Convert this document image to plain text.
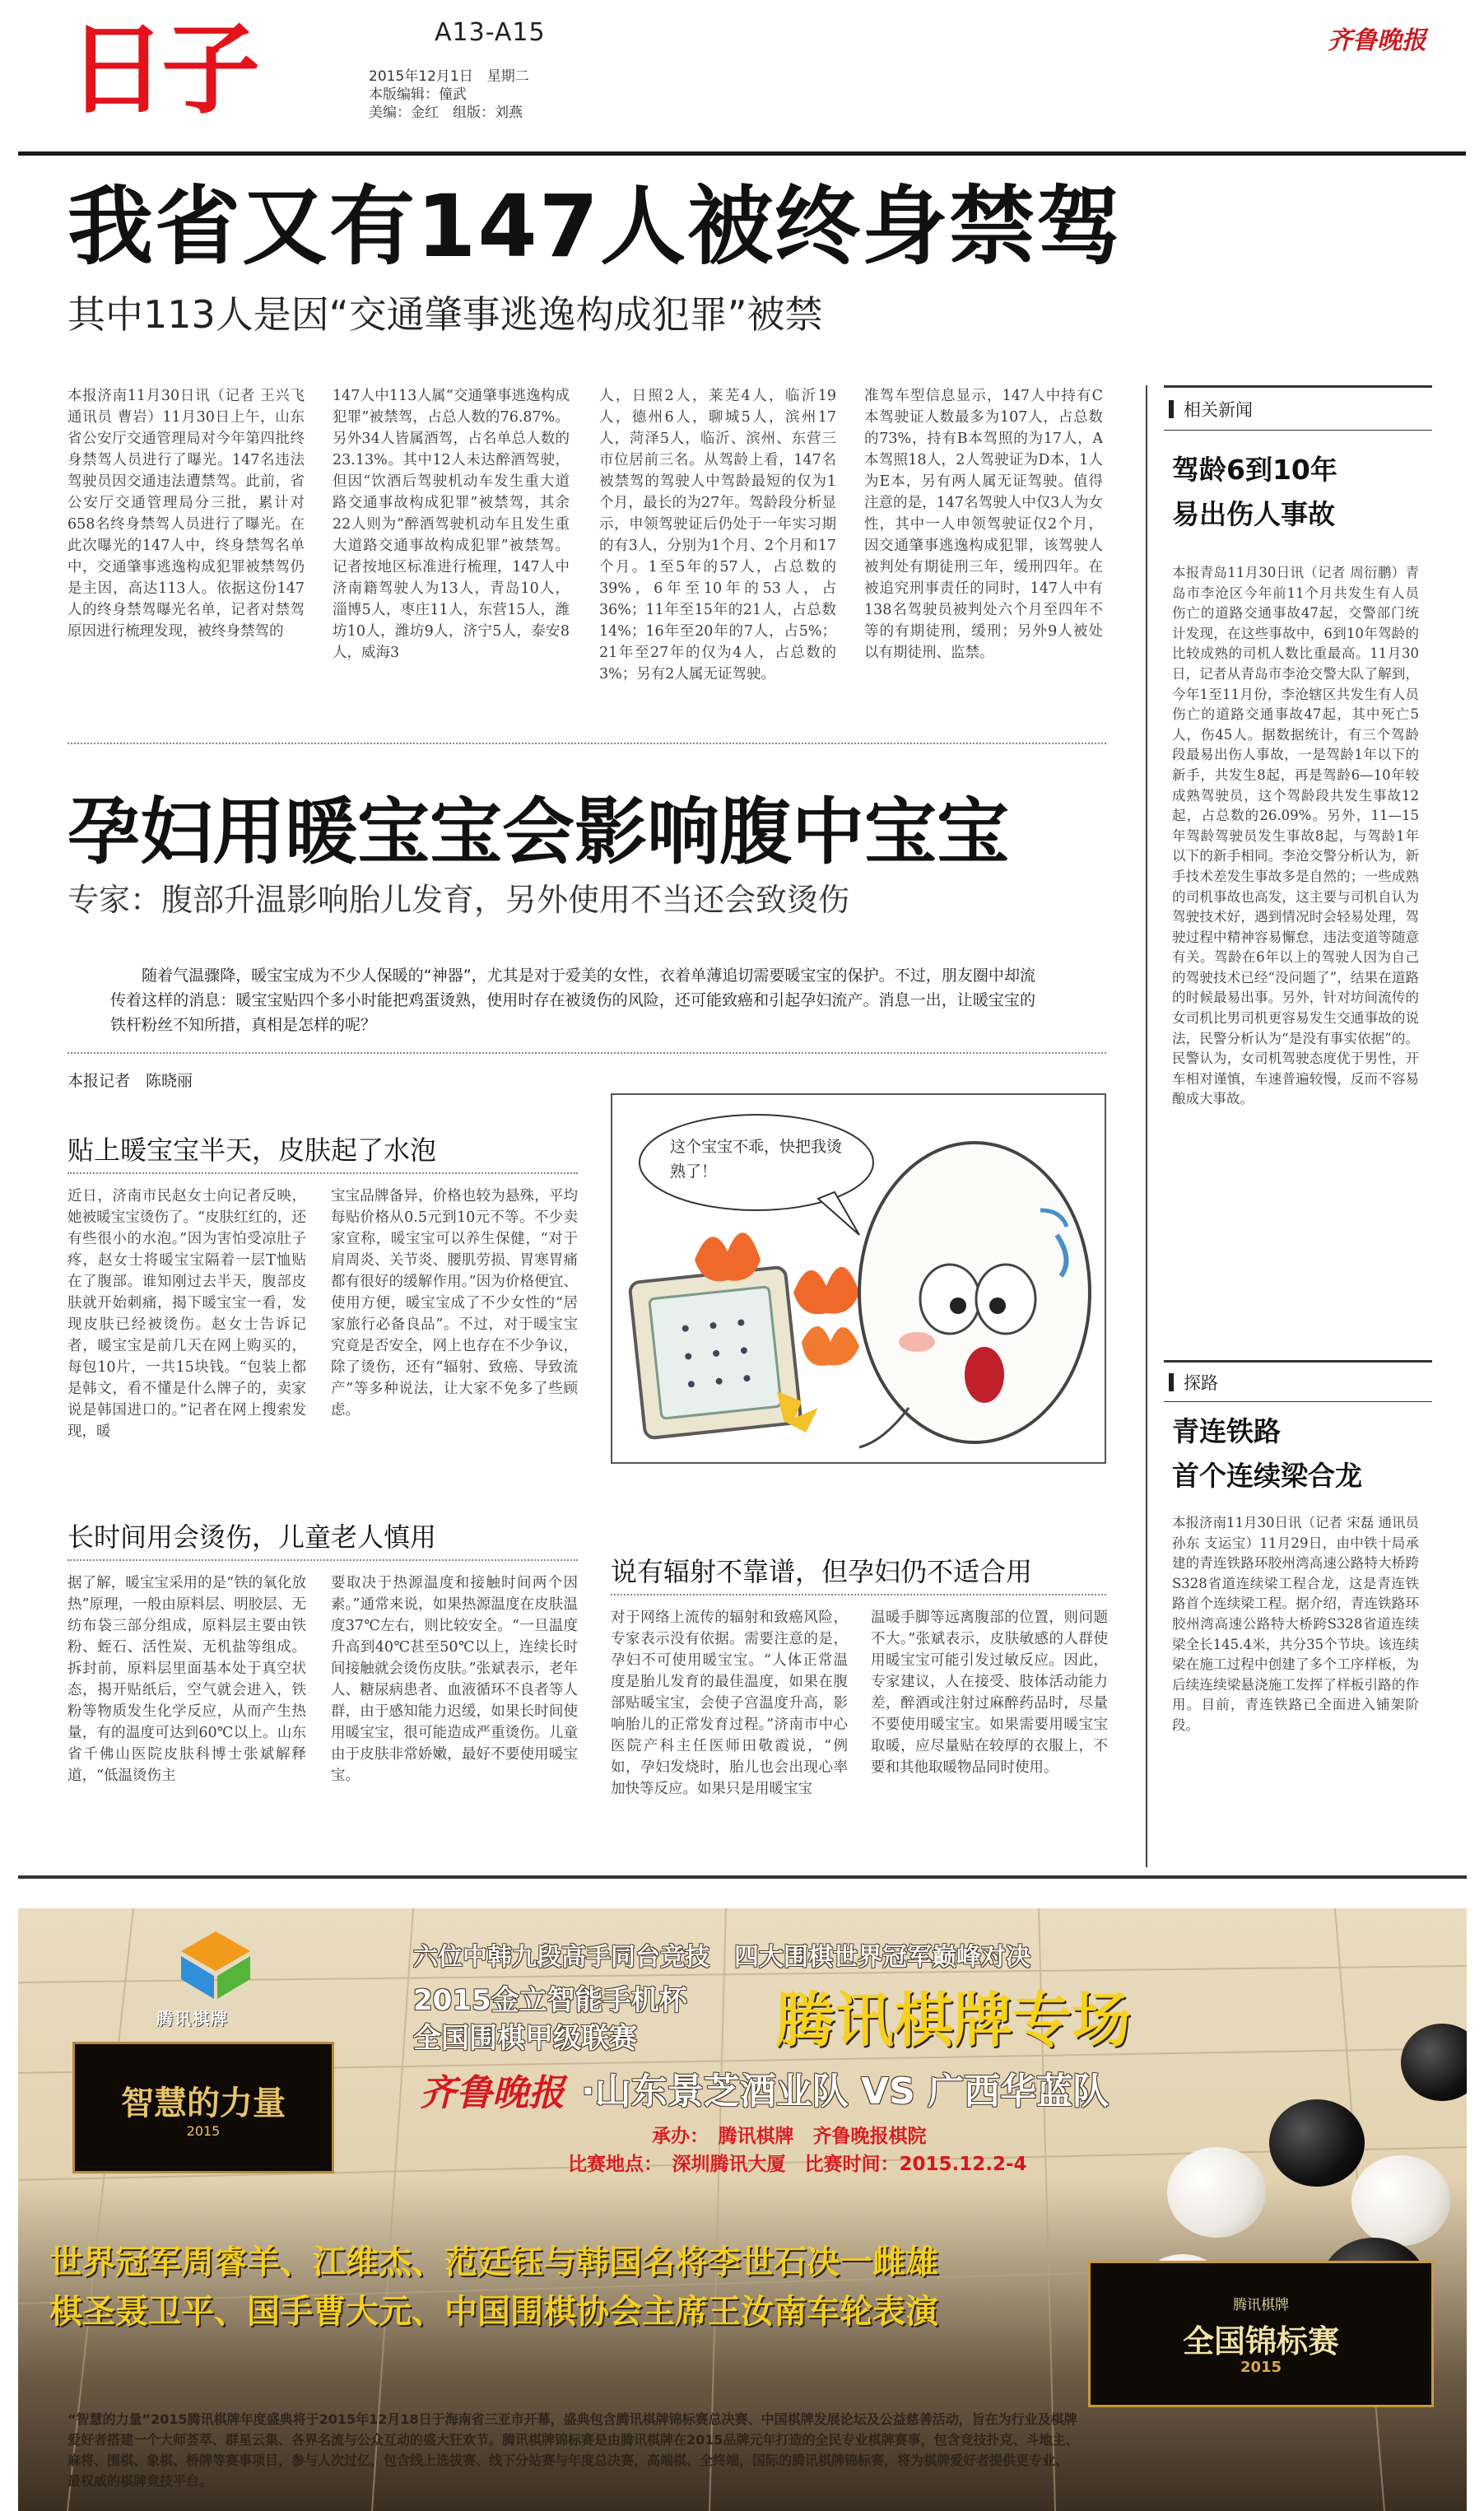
日子	A13-A15
2015年12月1日　星期二
本版编辑：僮武
美编：金红　组版：刘燕
齐鲁晚报
我省又有147人被终身禁驾
其中113人是因“交通肇事逃逸构成犯罪”被禁
本报济南11月30日讯（记者 王兴飞 通讯员 曹岩）11月30日上午，山东省公安厅交通管理局对今年第四批终身禁驾人员进行了曝光。147名违法驾驶员因交通违法遭禁驾。此前，省公安厅交通管理局分三批，累计对658名终身禁驾人员进行了曝光。在此次曝光的147人中，终身禁驾名单中，交通肇事逃逸构成犯罪被禁驾仍是主因，高达113人。依据这份147人的终身禁驾曝光名单，记者对禁驾原因进行梳理发现，被终身禁驾的
147人中113人属“交通肇事逃逸构成犯罪”被禁驾，占总人数的76.87%。另外34人皆属酒驾，占名单总人数的23.13%。其中12人未达醉酒驾驶，但因“饮酒后驾驶机动车发生重大道路交通事故构成犯罪”被禁驾，其余22人则为“醉酒驾驶机动车且发生重大道路交通事故构成犯罪”被禁驾。记者按地区标准进行梳理，147人中济南籍驾驶人为13人，青岛10人，淄博5人，枣庄11人，东营15人，潍坊10人，潍坊9人，济宁5人，泰安8人，威海3
人，日照2人，莱芜4人，临沂19人，德州6人，聊城5人，滨州17人，菏泽5人，临沂、滨州、东营三市位居前三名。从驾龄上看，147名被禁驾的驾驶人中驾龄最短的仅为1个月，最长的为27年。驾龄段分析显示，申领驾驶证后仍处于一年实习期的有3人，分别为1个月、2个月和17个月。1至5年的57人，占总数的39%，6年至10年的53人，占36%；11年至15年的21人，占总数14%；16年至20年的7人，占5%；21年至27年的仅为4人，占总数的3%；另有2人属无证驾驶。
准驾车型信息显示，147人中持有C本驾驶证人数最多为107人，占总数的73%，持有B本驾照的为17人，A本驾照18人，2人驾驶证为D本，1人为E本，另有两人属无证驾驶。值得注意的是，147名驾驶人中仅3人为女性，其中一人申领驾驶证仅2个月，因交通肇事逃逸构成犯罪，该驾驶人被判处有期徒刑三年，缓刑四年。在被追究刑事责任的同时，147人中有138名驾驶员被判处六个月至四年不等的有期徒刑，缓刑；另外9人被处以有期徒刑、监禁。
孕妇用暖宝宝会影响腹中宝宝
专家：腹部升温影响胎儿发育，另外使用不当还会致烫伤
随着气温骤降，暖宝宝成为不少人保暖的“神器”，尤其是对于爱美的女性，衣着单薄追切需要暖宝宝的保护。不过，朋友圈中却流传着这样的消息：暖宝宝贴四个多小时能把鸡蛋烫熟，使用时存在被烫伤的风险，还可能致癌和引起孕妇流产。消息一出，让暖宝宝的铁杆粉丝不知所措，真相是怎样的呢？
本报记者　陈晓丽
贴上暖宝宝半天，皮肤起了水泡
近日，济南市民赵女士向记者反映，她被暖宝宝烫伤了。“皮肤红红的，还有些很小的水泡。”因为害怕受凉肚子疼，赵女士将暖宝宝隔着一层T恤贴在了腹部。谁知刚过去半天，腹部皮肤就开始刺痛，揭下暖宝宝一看，发现皮肤已经被烫伤。赵女士告诉记者，暖宝宝是前几天在网上购买的，每包10片，一共15块钱。“包装上都是韩文，看不懂是什么牌子的，卖家说是韩国进口的。”记者在网上搜索发现，暖
宝宝品牌备异，价格也较为悬殊，平均每贴价格从0.5元到10元不等。不少卖家宣称，暖宝宝可以养生保健，“对于肩周炎、关节炎、腰肌劳损、胃寒胃痛都有很好的缓解作用。”因为价格便宜、使用方便，暖宝宝成了不少女性的“居家旅行必备良品”。不过，对于暖宝宝究竟是否安全，网上也存在不少争议，除了烫伤，还有“辐射、致癌、导致流产”等多种说法，让大家不免多了些顾虑。
这个宝宝不乖，快把我烫熟了！
长时间用会烫伤，儿童老人慎用
据了解，暖宝宝采用的是“铁的氧化放热”原理，一般由原料层、明胶层、无纺布袋三部分组成，原料层主要由铁粉、蛭石、活性炭、无机盐等组成。拆封前，原料层里面基本处于真空状态，揭开贴纸后，空气就会进入，铁粉等物质发生化学反应，从而产生热量，有的温度可达到60℃以上。山东省千佛山医院皮肤科博士张斌解释道，“低温烫伤主
要取决于热源温度和接触时间两个因素。”通常来说，如果热源温度在皮肤温度37℃左右，则比较安全。“一旦温度升高到40℃甚至50℃以上，连续长时间接触就会烫伤皮肤。”张斌表示，老年人、糖尿病患者、血液循环不良者等人群，由于感知能力迟缓，如果长时间使用暖宝宝，很可能造成严重烫伤。儿童由于皮肤非常娇嫩，最好不要使用暖宝宝。
说有辐射不靠谱，但孕妇仍不适合用
对于网络上流传的辐射和致癌风险，专家表示没有依据。需要注意的是，孕妇不可使用暖宝宝。“人体正常温度是胎儿发育的最佳温度，如果在腹部贴暖宝宝，会使子宫温度升高，影响胎儿的正常发育过程。”济南市中心医院产科主任医师田敬霞说，“例如，孕妇发烧时，胎儿也会出现心率加快等反应。如果只是用暖宝宝
温暖手脚等远离腹部的位置，则问题不大。”张斌表示，皮肤敏感的人群使用暖宝宝可能引发过敏反应。因此，专家建议，人在接受、肢体活动能力差，醉酒或注射过麻醉药品时，尽量不要使用暖宝宝。如果需要用暖宝宝取暖，应尽量贴在较厚的衣服上，不要和其他取暖物品同时使用。
相关新闻
驾龄6到10年
易出伤人事故
本报青岛11月30日讯（记者 周衍鹏）青岛市李沧区今年前11个月共发生有人员伤亡的道路交通事故47起，交警部门统计发现，在这些事故中，6到10年驾龄的比较成熟的司机人数比重最高。11月30日，记者从青岛市李沧交警大队了解到，今年1至11月份，李沧辖区共发生有人员伤亡的道路交通事故47起，其中死亡5人，伤45人。据数据统计，有三个驾龄段最易出伤人事故，一是驾龄1年以下的新手，共发生8起，再是驾龄6—10年较成熟驾驶员，这个驾龄段共发生事故12起，占总数的26.09%。另外，11—15年驾龄驾驶员发生事故8起，与驾龄1年以下的新手相同。李沧交警分析认为，新手技术差发生事故多是自然的；一些成熟的司机事故也高发，这主要与司机自认为驾驶技术好，遇到情况时会轻易处理，驾驶过程中精神容易懈怠，违法变道等随意有关。驾龄在6年以上的驾驶人因为自己的驾驶技术已经“没问题了”，结果在道路的时候最易出事。另外，针对坊间流传的女司机比男司机更容易发生交通事故的说法，民警分析认为“是没有事实依据”的。民警认为，女司机驾驶态度优于男性，开车相对谨慎，车速普遍较慢，反而不容易酿成大事故。
探路
青连铁路
首个连续梁合龙
本报济南11月30日讯（记者 宋磊 通讯员 孙东 支运宝）11月29日，由中铁十局承建的青连铁路环胶州湾高速公路特大桥跨S328省道连续梁工程合龙，这是青连铁路首个连续梁工程。据介绍，青连铁路环胶州湾高速公路特大桥跨S328省道连续梁全长145.4米，共分35个节块。该连续梁在施工过程中创建了多个工序样板，为后续连续梁悬浇施工发挥了样板引路的作用。目前，青连铁路已全面进入铺架阶段。
腾讯棋牌
六位中韩九段高手同台竞技　四大围棋世界冠军巅峰对决
2015金立智能手机杯
全国围棋甲级联赛 腾讯棋牌专场
智慧的力量
2015
齐鲁晚报 ·山东景芝酒业队 VS 广西华蓝队
承办：　腾讯棋牌　齐鲁晚报棋院
比赛地点：　深圳腾讯大厦　比赛时间：2015.12.2-4
世界冠军周睿羊、江维杰、范廷钰与韩国名将李世石决一雌雄
棋圣聂卫平、国手曹大元、中国围棋协会主席王汝南车轮表演	腾讯棋牌
全国锦标赛
2015
“智慧的力量”2015腾讯棋牌年度盛典将于2015年12月18日于海南省三亚市开幕，盛典包含腾讯棋牌锦标赛总决赛、中国棋牌发展论坛及公益慈善活动，旨在为行业及棋牌爱好者搭建一个大师荟萃、群星云集、各界名流与公众互动的盛大狂欢节。腾讯棋牌锦标赛是由腾讯棋牌在2015品牌元年打造的全民专业棋牌赛事，包含竞技扑克、斗地主、麻将、围棋、象棋、桥牌等赛事项目，参与人次过亿，包含线上选拔赛、线下分站赛与年度总决赛，高端棋、全终端，国际的腾讯棋牌锦标赛，将为棋牌爱好者提供更专业、最权威的棋牌竞技平台。
